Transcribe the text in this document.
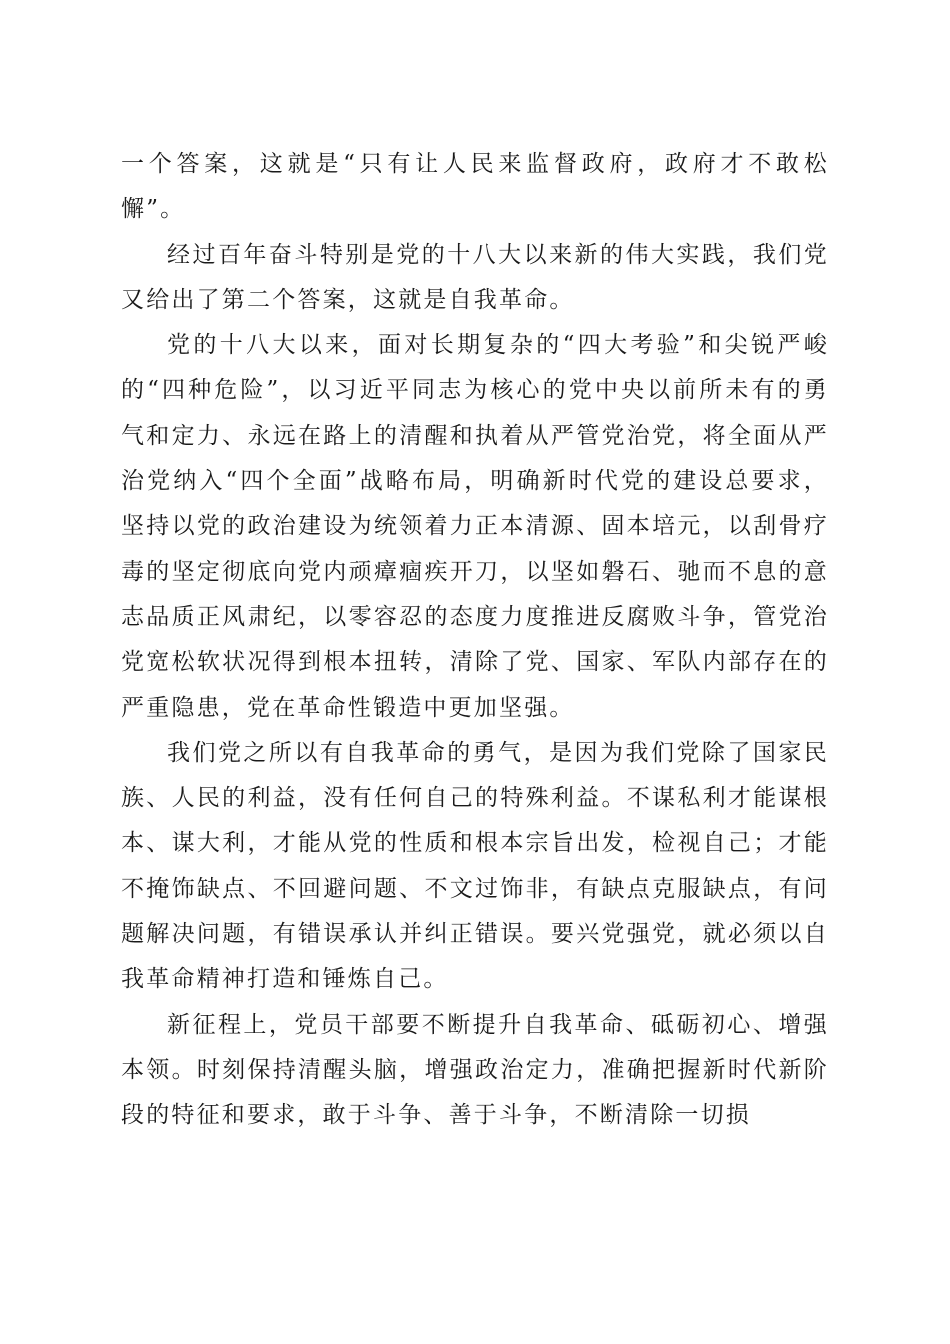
一个答案，这就是“只有让人民来监督政府，政府才不敢松懈”。

经过百年奋斗特别是党的十八大以来新的伟大实践，我们党又给出了第二个答案，这就是自我革命。

党的十八大以来，面对长期复杂的“四大考验”和尖锐严峻的“四种危险”，以习近平同志为核心的党中央以前所未有的勇气和定力、永远在路上的清醒和执着从严管党治党，将全面从严治党纳入“四个全面”战略布局，明确新时代党的建设总要求，坚持以党的政治建设为统领着力正本清源、固本培元，以刮骨疗毒的坚定彻底向党内顽瘴痼疾开刀，以坚如磐石、驰而不息的意志品质正风肃纪，以零容忍的态度力度推进反腐败斗争，管党治党宽松软状况得到根本扭转，清除了党、国家、军队内部存在的严重隐患，党在革命性锻造中更加坚强。

我们党之所以有自我革命的勇气，是因为我们党除了国家民族、人民的利益，没有任何自己的特殊利益。不谋私利才能谋根本、谋大利，才能从党的性质和根本宗旨出发，检视自己；才能不掩饰缺点、不回避问题、不文过饰非，有缺点克服缺点，有问题解决问题，有错误承认并纠正错误。要兴党强党，就必须以自我革命精神打造和锤炼自己。

新征程上，党员干部要不断提升自我革命、砥砺初心、增强本领。时刻保持清醒头脑，增强政治定力，准确把握新时代新阶段的特征和要求，敢于斗争、善于斗争，不断清除一切损
